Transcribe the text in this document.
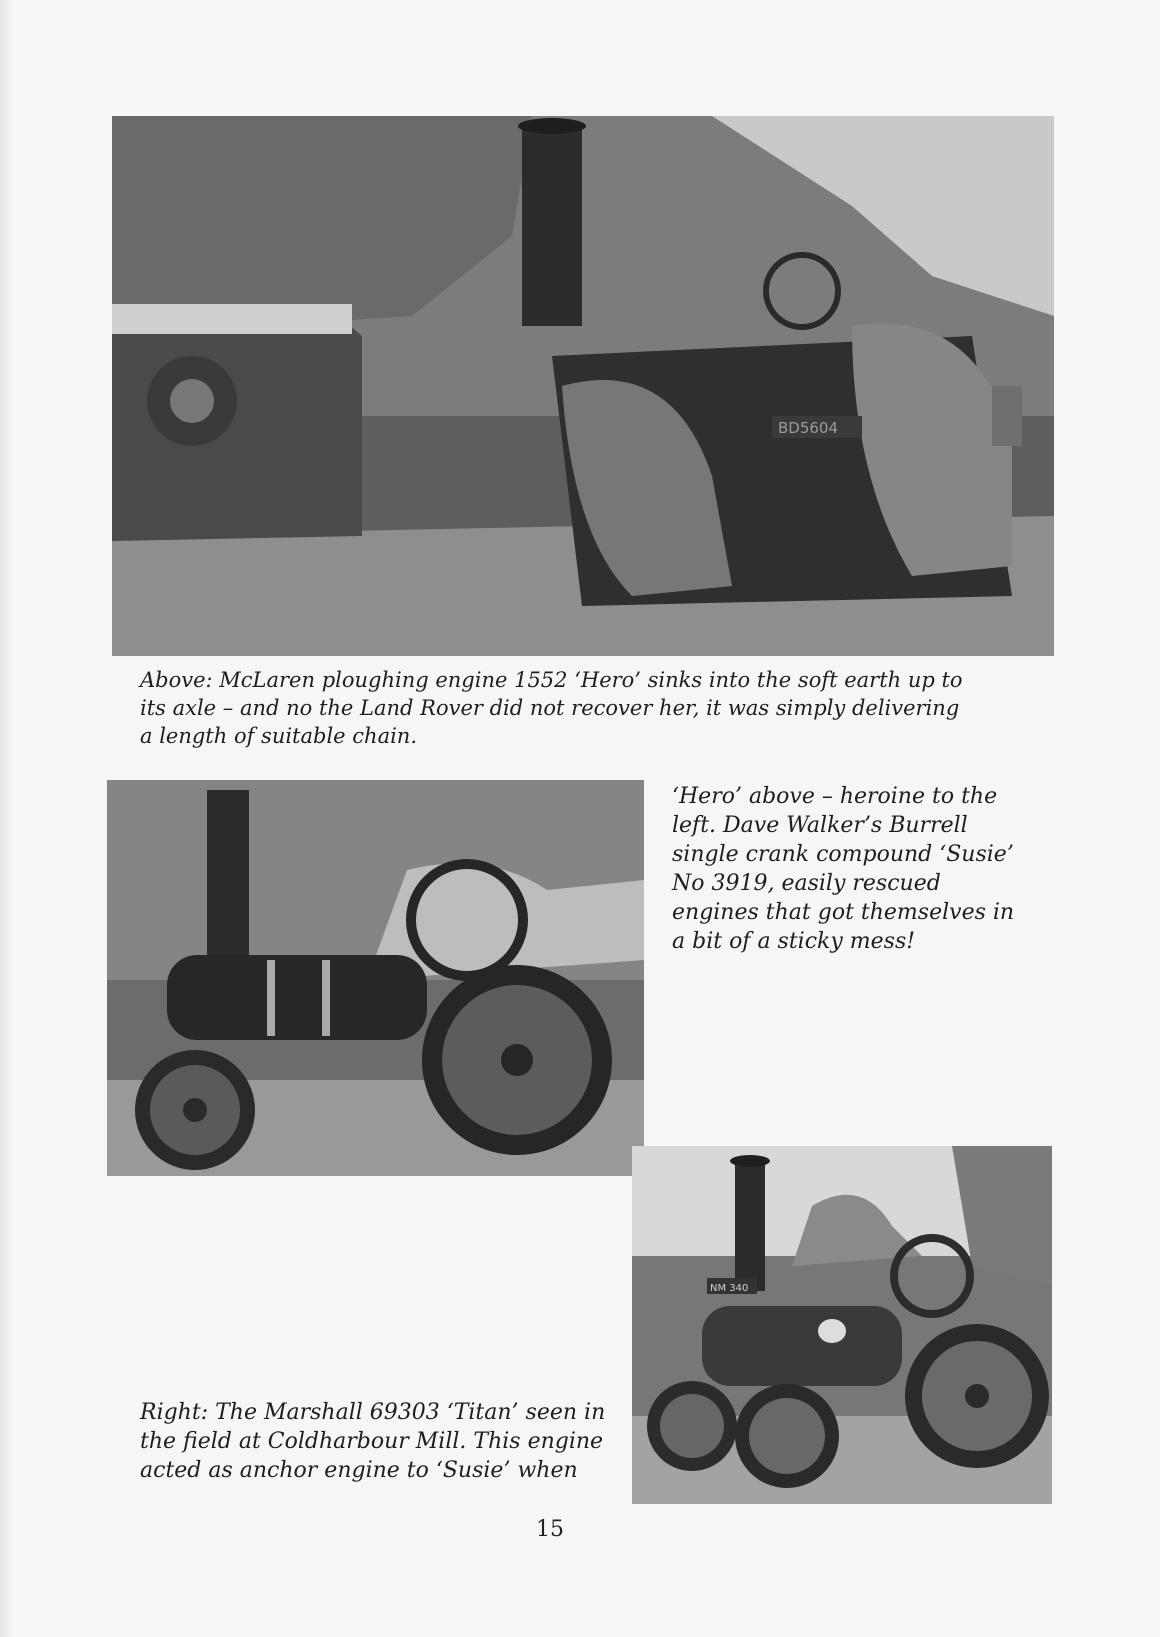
BD5604

Above: McLaren ploughing engine 1552 ‘Hero’ sinks into the soft earth up to
its axle – and no the Land Rover did not recover her, it was simply delivering
a length of suitable chain.

‘Hero’ above – heroine to the
left. Dave Walker’s Burrell
single crank compound ‘Susie’
No 3919, easily rescued
engines that got themselves in
a bit of a sticky mess!

NM 340

Right: The Marshall 69303 ‘Titan’ seen in
the field at Coldharbour Mill. This engine
acted as anchor engine to ‘Susie’ when

15
